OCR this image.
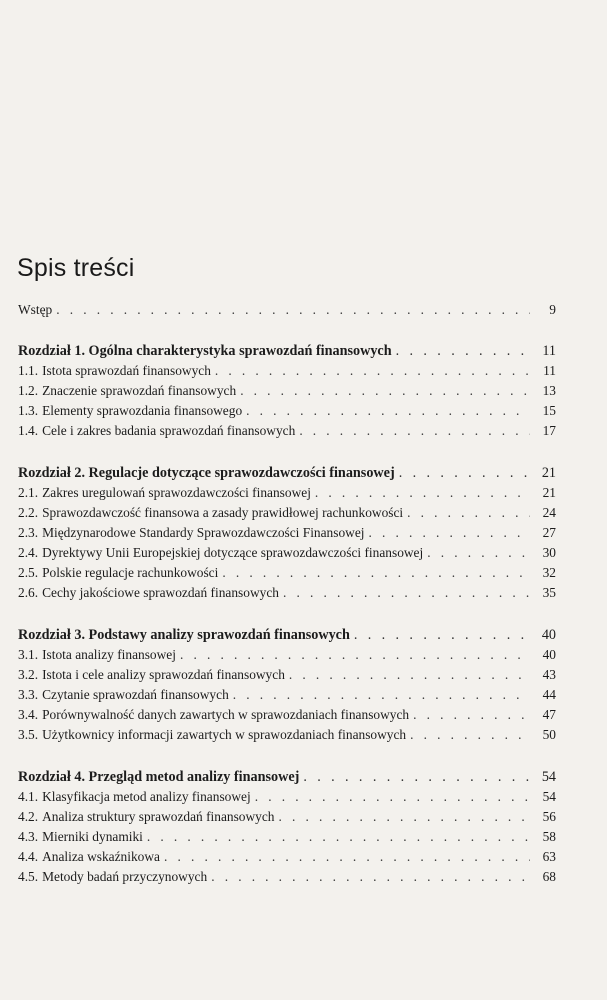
Spis treści
Wstęp . . .	9
Rozdział 1. Ogólna charakterystyka sprawozdań finansowych . . .	11
1.1. Istota sprawozdań finansowych . . .	11
1.2. Znaczenie sprawozdań finansowych . . .	13
1.3. Elementy sprawozdania finansowego . . .	15
1.4. Cele i zakres badania sprawozdań finansowych . . .	17
Rozdział 2. Regulacje dotyczące sprawozdawczości finansowej . . .	21
2.1. Zakres uregulowań sprawozdawczości finansowej . . .	21
2.2. Sprawozdawczość finansowa a zasady prawidłowej rachunkowości . . .	24
2.3. Międzynarodowe Standardy Sprawozdawczości Finansowej . . .	27
2.4. Dyrektywy Unii Europejskiej dotyczące sprawozdawczości finansowej . . .	30
2.5. Polskie regulacje rachunkowości . . .	32
2.6. Cechy jakościowe sprawozdań finansowych . . .	35
Rozdział 3. Podstawy analizy sprawozdań finansowych . . .	40
3.1. Istota analizy finansowej . . .	40
3.2. Istota i cele analizy sprawozdań finansowych . . .	43
3.3. Czytanie sprawozdań finansowych . . .	44
3.4. Porównywalność danych zawartych w sprawozdaniach finansowych . . .	47
3.5. Użytkownicy informacji zawartych w sprawozdaniach finansowych . . .	50
Rozdział 4. Przegląd metod analizy finansowej . . .	54
4.1. Klasyfikacja metod analizy finansowej . . .	54
4.2. Analiza struktury sprawozdań finansowych . . .	56
4.3. Mierniki dynamiki . . .	58
4.4. Analiza wskaźnikowa . . .	63
4.5. Metody badań przyczynowych . . .	68
